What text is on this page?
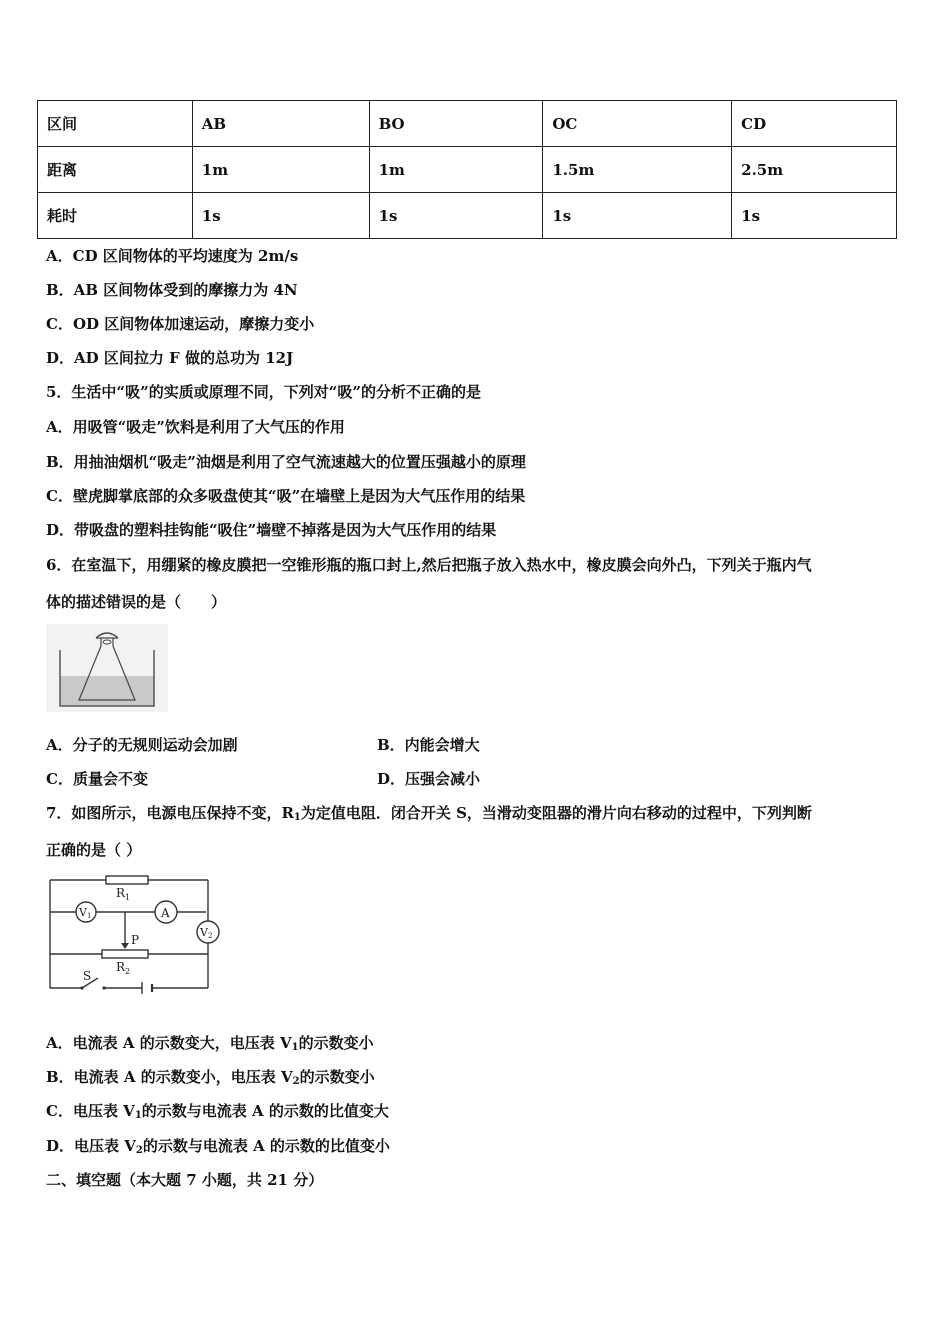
区间	AB	BO	OC	CD
距离	1m	1m	1.5m	2.5m
耗时	1s	1s	1s	1s
A．CD 区间物体的平均速度为 2m/s
B．AB 区间物体受到的摩擦力为 4N
C．OD 区间物体加速运动，摩擦力变小
D．AD 区间拉力 F 做的总功为 12J
5．生活中“吸”的实质或原理不同，下列对“吸”的分析不正确的是
A．用吸管“吸走”饮料是利用了大气压的作用
B．用抽油烟机“吸走”油烟是利用了空气流速越大的位置压强越小的原理
C．壁虎脚掌底部的众多吸盘使其“吸”在墙壁上是因为大气压作用的结果
D．带吸盘的塑料挂钩能“吸住”墙壁不掉落是因为大气压作用的结果
6．在室温下，用绷紧的橡皮膜把一空锥形瓶的瓶口封上,然后把瓶子放入热水中，橡皮膜会向外凸，下列关于瓶内气
体的描述错误的是（　　）
A．分子的无规则运动会加剧	B．内能会增大
C．质量会不变	D．压强会减小
7．如图所示，电源电压保持不变，$R_1$为定值电阻．闭合开关 S，当滑动变阻器的滑片向右移动的过程中，下列判断
正确的是（ ）
$R_1$
V1	A
V2
P
$R_2$
S
A．电流表 A 的示数变大，电压表 $V_1$的示数变小
B．电流表 A 的示数变小，电压表 $V_2$的示数变小
C．电压表 $V_1$的示数与电流表 A 的示数的比值变大
D．电压表 $V_2$的示数与电流表 A 的示数的比值变小
二、填空题（本大题 7 小题，共 21 分）
